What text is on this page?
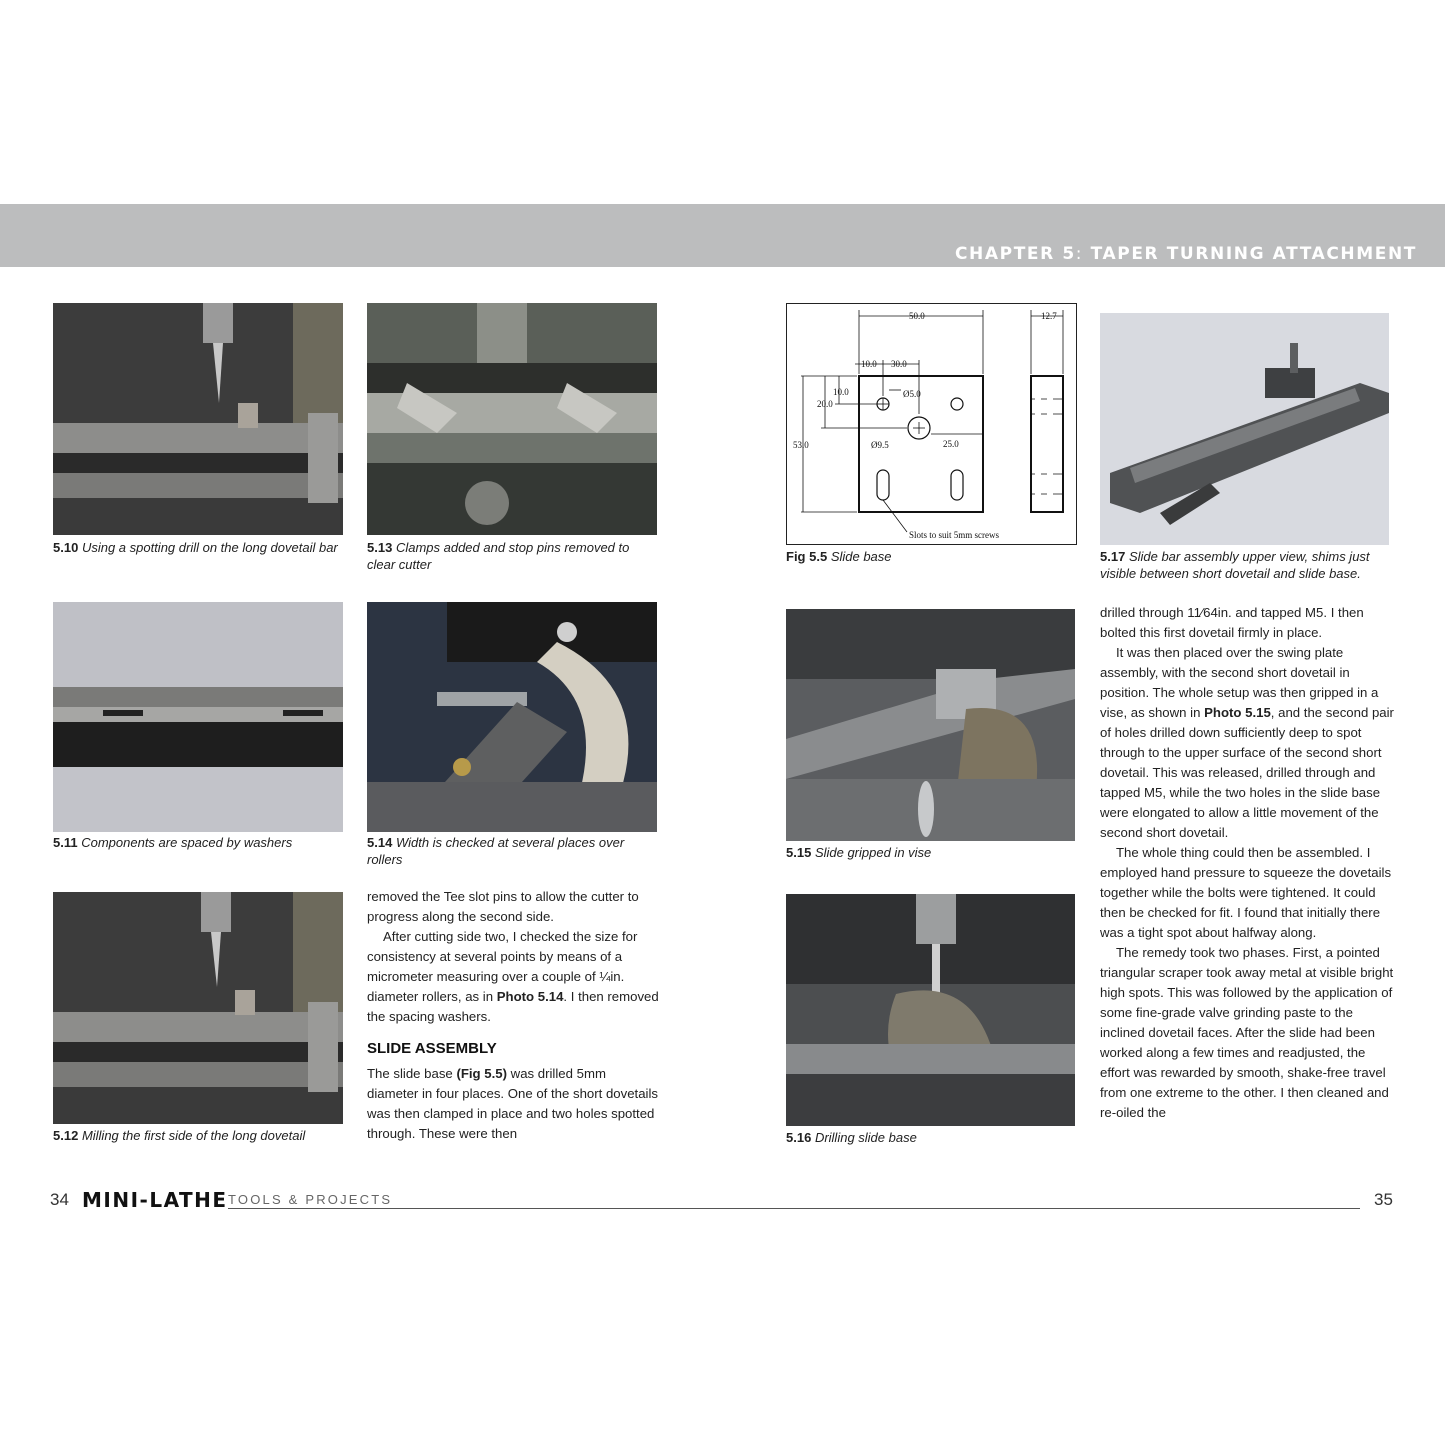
CHAPTER 5: TAPER TURNING ATTACHMENT
5.10 Using a spotting drill on the long dovetail bar	5.13 Clamps added and stop pins removed to clear cutter
5.11 Components are spaced by washers	5.14 Width is checked at several places over rollers
5.12 Milling the first side of the long dovetail

removed the Tee slot pins to allow the cutter to progress along the second side.

After cutting side two, I checked the size for consistency at several points by means of a micrometer measuring over a couple of ¼in. diameter rollers, as in Photo 5.14. I then removed the spacing washers.

SLIDE ASSEMBLY

The slide base (Fig 5.5) was drilled 5mm diameter in four places. One of the short dovetails was then clamped in place and two holes spotted through. These were then

50.0	12.7
10.0 30.0
10.0
20.0
53.0
Ø5.0
Ø9.5	25.0
Slots to suit 5mm screws
Fig 5.5 Slide base	5.17 Slide bar assembly upper view, shims just visible between short dovetail and slide base.
5.15 Slide gripped in vise
5.16 Drilling slide base

drilled through 11⁄64in. and tapped M5. I then bolted this first dovetail firmly in place.

It was then placed over the swing plate assembly, with the second short dovetail in position. The whole setup was then gripped in a vise, as shown in Photo 5.15, and the second pair of holes drilled down sufficiently deep to spot through to the upper surface of the second short dovetail. This was released, drilled through and tapped M5, while the two holes in the slide base were elongated to allow a little movement of the second short dovetail.

The whole thing could then be assembled. I employed hand pressure to squeeze the dovetails together while the bolts were tightened. It could then be checked for fit. I found that initially there was a tight spot about halfway along.

The remedy took two phases. First, a pointed triangular scraper took away metal at visible bright high spots. This was followed by the application of some fine-grade valve grinding paste to the inclined dovetail faces. After the slide had been worked along a few times and readjusted, the effort was rewarded by smooth, shake-free travel from one extreme to the other. I then cleaned and re-oiled the

34 MINI-LATHE TOOLS & PROJECTS	35
